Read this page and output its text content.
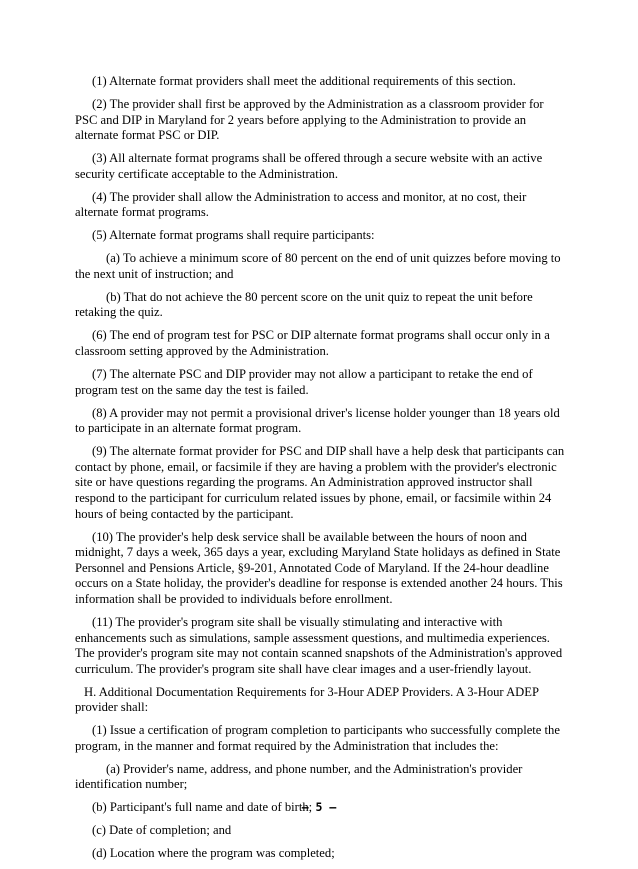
(1) Alternate format providers shall meet the additional requirements of this section.

(2) The provider shall first be approved by the Administration as a classroom provider for PSC and DIP in Maryland for 2 years before applying to the Administration to provide an alternate format PSC or DIP.

(3) All alternate format programs shall be offered through a secure website with an active security certificate acceptable to the Administration.

(4) The provider shall allow the Administration to access and monitor, at no cost, their alternate format programs.

(5) Alternate format programs shall require participants:

(a) To achieve a minimum score of 80 percent on the end of unit quizzes before moving to the next unit of instruction; and

(b) That do not achieve the 80 percent score on the unit quiz to repeat the unit before retaking the quiz.

(6) The end of program test for PSC or DIP alternate format programs shall occur only in a classroom setting approved by the Administration.

(7) The alternate PSC and DIP provider may not allow a participant to retake the end of program test on the same day the test is failed.

(8) A provider may not permit a provisional driver's license holder younger than 18 years old to participate in an alternate format program.

(9) The alternate format provider for PSC and DIP shall have a help desk that participants can contact by phone, email, or facsimile if they are having a problem with the provider's electronic site or have questions regarding the programs. An Administration approved instructor shall respond to the participant for curriculum related issues by phone, email, or facsimile within 24 hours of being contacted by the participant.

(10) The provider's help desk service shall be available between the hours of noon and midnight, 7 days a week, 365 days a year, excluding Maryland State holidays as defined in State Personnel and Pensions Article, §9-201, Annotated Code of Maryland. If the 24-hour deadline occurs on a State holiday, the provider's deadline for response is extended another 24 hours. This information shall be provided to individuals before enrollment.

(11) The provider's program site shall be visually stimulating and interactive with enhancements such as simulations, sample assessment questions, and multimedia experiences. The provider's program site may not contain scanned snapshots of the Administration's approved curriculum. The provider's program site shall have clear images and a user-friendly layout.

H. Additional Documentation Requirements for 3-Hour ADEP Providers. A 3-Hour ADEP provider shall:

(1) Issue a certification of program completion to participants who successfully complete the program, in the manner and format required by the Administration that includes the:

(a) Provider's name, address, and phone number, and the Administration's provider identification number;

(b) Participant's full name and date of birth;

(c) Date of completion; and

(d) Location where the program was completed;

– 5 –
